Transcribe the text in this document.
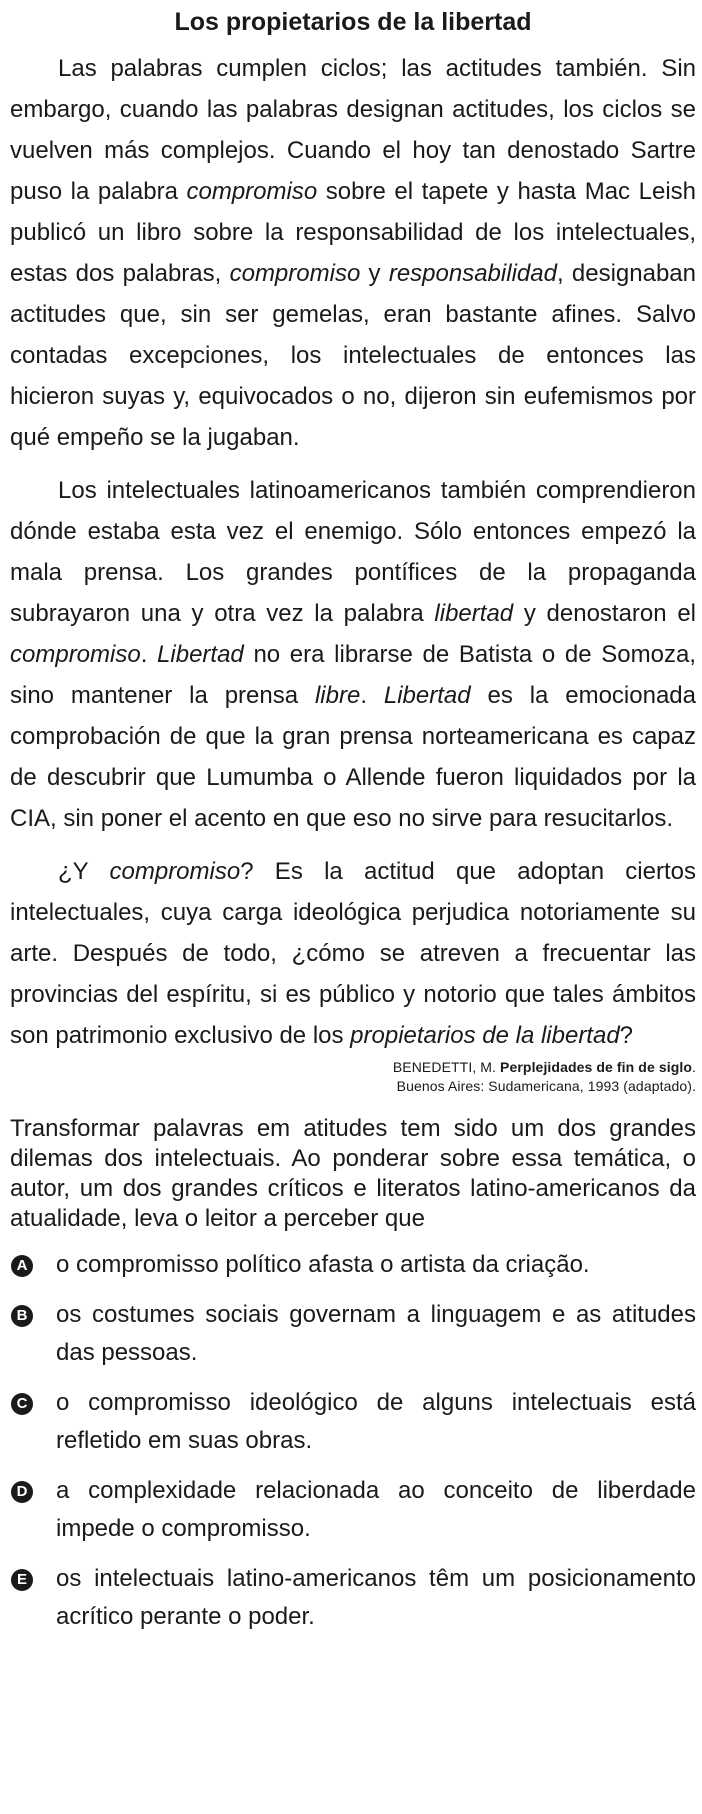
Los propietarios de la libertad

Las palabras cumplen ciclos; las actitudes también. Sin embargo, cuando las palabras designan actitudes, los ciclos se vuelven más complejos. Cuando el hoy tan denostado Sartre puso la palabra compromiso sobre el tapete y hasta Mac Leish publicó un libro sobre la responsabilidad de los intelectuales, estas dos palabras, compromiso y responsabilidad, designaban actitudes que, sin ser gemelas, eran bastante afines. Salvo contadas excepciones, los intelectuales de entonces las hicieron suyas y, equivocados o no, dijeron sin eufemismos por qué empeño se la jugaban.

Los intelectuales latinoamericanos también comprendieron dónde estaba esta vez el enemigo. Sólo entonces empezó la mala prensa. Los grandes pontífices de la propaganda subrayaron una y otra vez la palabra libertad y denostaron el compromiso. Libertad no era librarse de Batista o de Somoza, sino mantener la prensa libre. Libertad es la emocionada comprobación de que la gran prensa norteamericana es capaz de descubrir que Lumumba o Allende fueron liquidados por la CIA, sin poner el acento en que eso no sirve para resucitarlos.

¿Y compromiso? Es la actitud que adoptan ciertos intelectuales, cuya carga ideológica perjudica notoriamente su arte. Después de todo, ¿cómo se atreven a frecuentar las provincias del espíritu, si es público y notorio que tales ámbitos son patrimonio exclusivo de los propietarios de la libertad?

BENEDETTI, M. Perplejidades de fin de siglo.
Buenos Aires: Sudamericana, 1993 (adaptado).

Transformar palavras em atitudes tem sido um dos grandes dilemas dos intelectuais. Ao ponderar sobre essa temática, o autor, um dos grandes críticos e literatos latino-americanos da atualidade, leva o leitor a perceber que

A o compromisso político afasta o artista da criação.
B os costumes sociais governam a linguagem e as atitudes das pessoas.
C o compromisso ideológico de alguns intelectuais está refletido em suas obras.
D a complexidade relacionada ao conceito de liberdade impede o compromisso.
E os intelectuais latino-americanos têm um posicionamento acrítico perante o poder.
